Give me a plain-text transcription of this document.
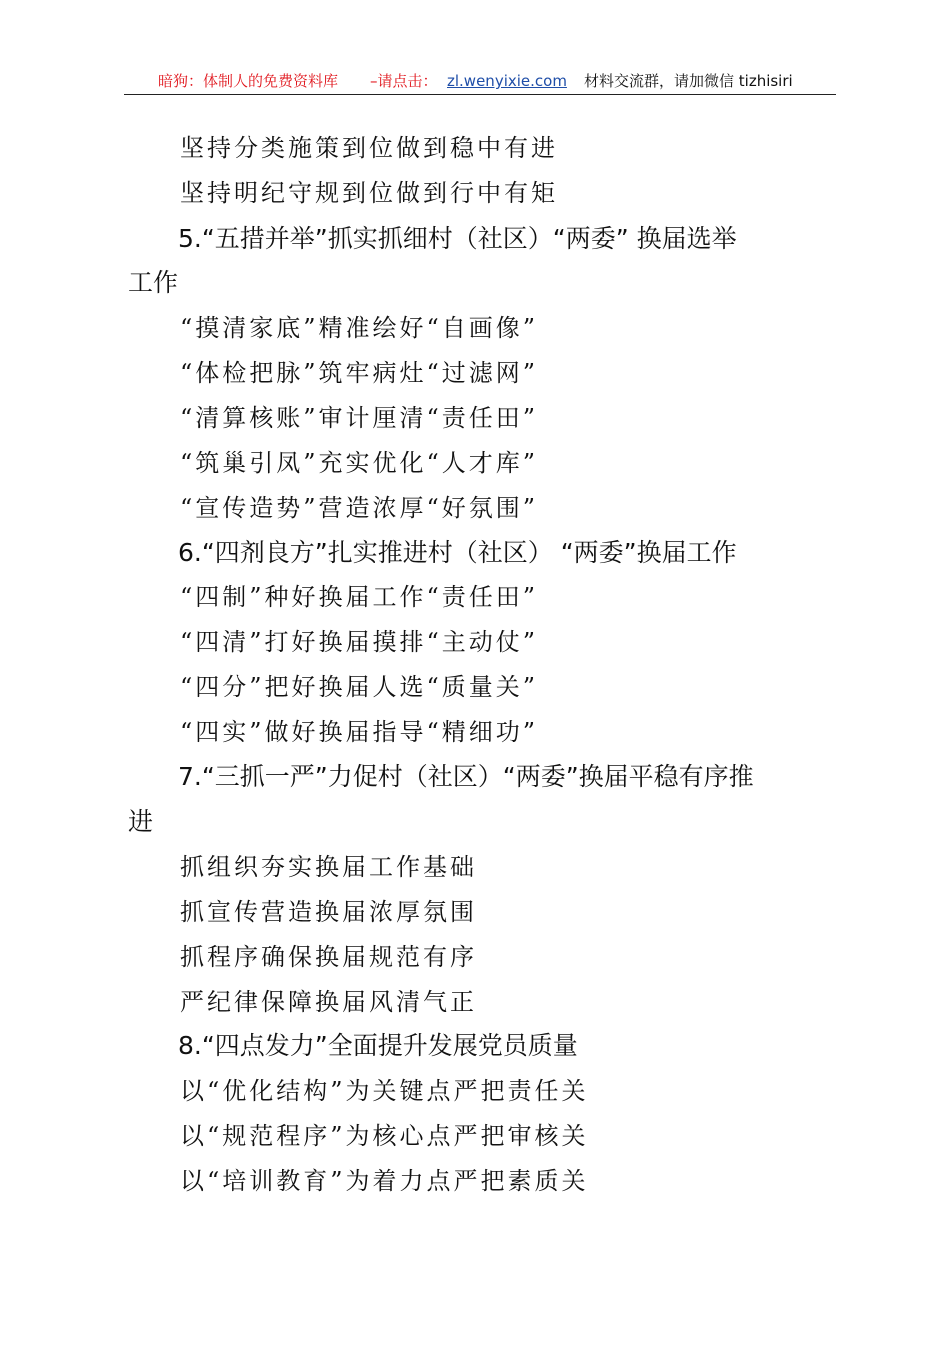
暗狗：体制人的免费资料库 –请点击： zl.wenyixie.com 材料交流群，请加微信 tizhisiri
坚持分类施策到位做到稳中有进
坚持明纪守规到位做到行中有矩
5.“五措并举”抓实抓细村（社区）“两委” 换届选举
工作
“摸清家底”精准绘好“自画像”
“体检把脉”筑牢病灶“过滤网”
“清算核账”审计厘清“责任田”
“筑巢引凤”充实优化“人才库”
“宣传造势”营造浓厚“好氛围”
6.“四剂良方”扎实推进村（社区） “两委”换届工作
“四制”种好换届工作“责任田”
“四清”打好换届摸排“主动仗”
“四分”把好换届人选“质量关”
“四实”做好换届指导“精细功”
7.“三抓一严”力促村（社区）“两委”换届平稳有序推
进
抓组织夯实换届工作基础
抓宣传营造换届浓厚氛围
抓程序确保换届规范有序
严纪律保障换届风清气正
8.“四点发力”全面提升发展党员质量
以“优化结构”为关键点严把责任关
以“规范程序”为核心点严把审核关
以“培训教育”为着力点严把素质关
